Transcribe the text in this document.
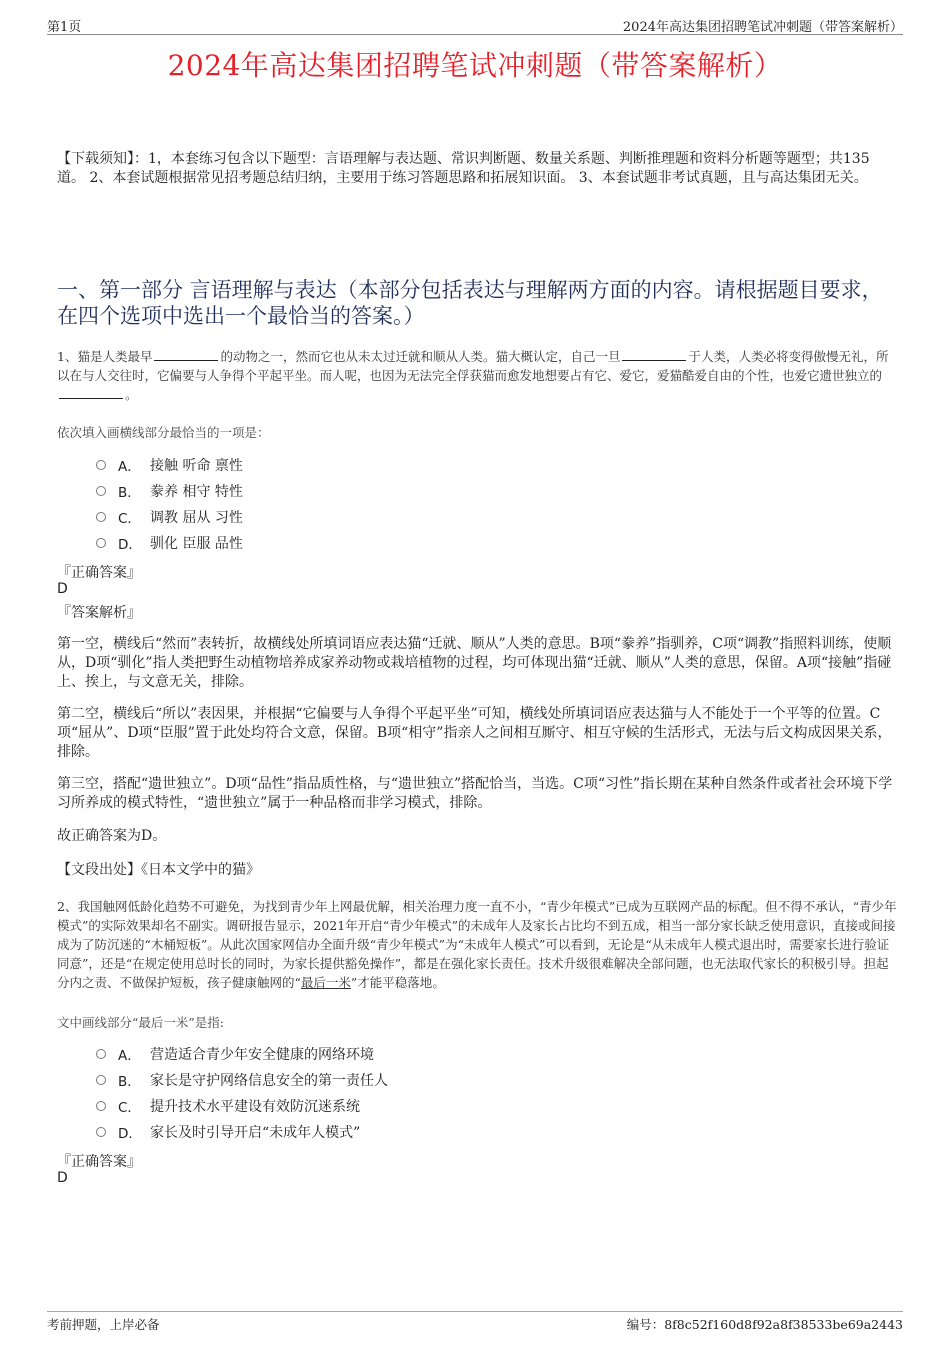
第1页	2024年高达集团招聘笔试冲刺题（带答案解析）
2024年高达集团招聘笔试冲刺题（带答案解析）
【下载须知】：1，本套练习包含以下题型：言语理解与表达题、常识判断题、数量关系题、判断推理题和资料分析题等题型；共135道。 2、本套试题根据常见招考题总结归纳，主要用于练习答题思路和拓展知识面。 3、本套试题非考试真题，且与高达集团无关。
一、第一部分 言语理解与表达（本部分包括表达与理解两方面的内容。请根据题目要求，在四个选项中选出一个最恰当的答案。）
1、猫是人类最早	的动物之一，然而它也从未太过迁就和顺从人类。猫大概认定，自己一旦	于人类，人类必将变得傲慢无礼，所以在与人交往时，它偏要与人争得个平起平坐。而人呢，也因为无法完全俘获猫而愈发地想要占有它、爱它，爱猫酷爱自由的个性，也爱它遗世独立的。
依次填入画横线部分最恰当的一项是：
A． 接触 听命 禀性
B． 豢养 相守 特性
C． 调教 屈从 习性
D． 驯化 臣服 品性
『正确答案』
D
『答案解析』
第一空，横线后“然而”表转折，故横线处所填词语应表达猫“迁就、顺从”人类的意思。B项“豢养”指驯养，C项“调教”指照料训练，使顺从，D项“驯化”指人类把野生动植物培养成家养动物或栽培植物的过程，均可体现出猫“迁就、顺从”人类的意思，保留。A项“接触”指碰上、挨上，与文意无关，排除。
第二空，横线后“所以”表因果，并根据“它偏要与人争得个平起平坐”可知，横线处所填词语应表达猫与人不能处于一个平等的位置。C项“屈从”、D项“臣服”置于此处均符合文意，保留。B项“相守”指亲人之间相互厮守、相互守候的生活形式，无法与后文构成因果关系，排除。
第三空，搭配“遗世独立”。D项“品性”指品质性格，与“遗世独立”搭配恰当，当选。C项“习性”指长期在某种自然条件或者社会环境下学习所养成的模式特性，“遗世独立”属于一种品格而非学习模式，排除。
故正确答案为D。
【文段出处】《日本文学中的猫》
2、我国触网低龄化趋势不可避免，为找到青少年上网最优解，相关治理力度一直不小，“青少年模式”已成为互联网产品的标配。但不得不承认，“青少年模式”的实际效果却名不副实。调研报告显示，2021年开启“青少年模式”的未成年人及家长占比均不到五成，相当一部分家长缺乏使用意识，直接或间接成为了防沉迷的“木桶短板”。从此次国家网信办全面升级“青少年模式”为“未成年人模式”可以看到，无论是“从未成年人模式退出时，需要家长进行验证同意”，还是“在规定使用总时长的同时，为家长提供豁免操作”，都是在强化家长责任。技术升级很难解决全部问题，也无法取代家长的积极引导。担起分内之责、不做保护短板，孩子健康触网的“最后一米”才能平稳落地。
文中画线部分“最后一米”是指:
A． 营造适合青少年安全健康的网络环境
B． 家长是守护网络信息安全的第一责任人
C． 提升技术水平建设有效防沉迷系统
D． 家长及时引导开启“未成年人模式”
『正确答案』
D
考前押题，上岸必备	编号：8f8c52f160d8f92a8f38533be69a2443
